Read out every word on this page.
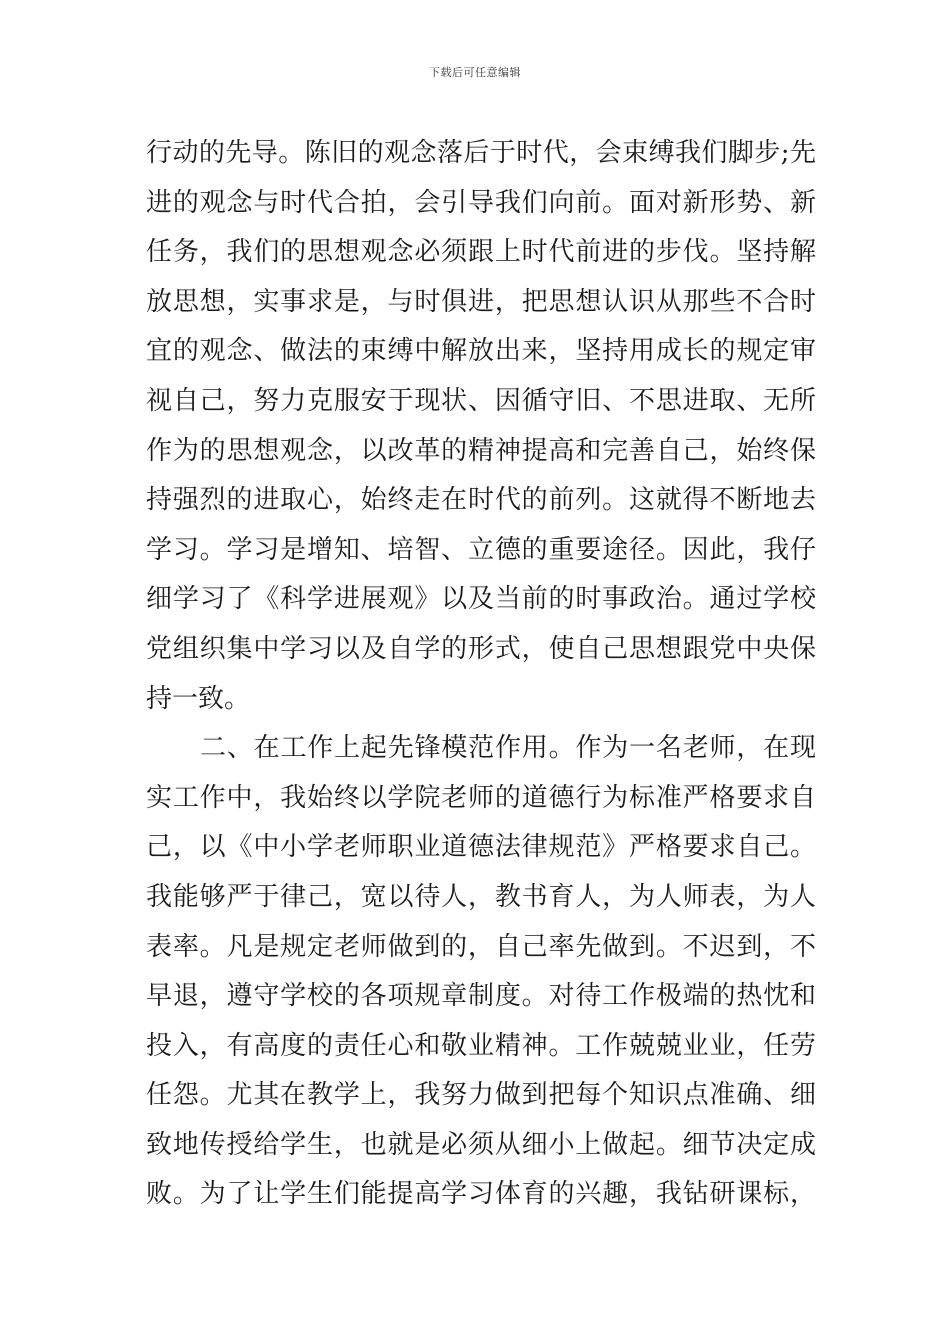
下载后可任意编辑
行动的先导。陈旧的观念落后于时代，会束缚我们脚步;先
进的观念与时代合拍，会引导我们向前。面对新形势、新
任务，我们的思想观念必须跟上时代前进的步伐。坚持解
放思想，实事求是，与时俱进，把思想认识从那些不合时
宜的观念、做法的束缚中解放出来，坚持用成长的规定审
视自己，努力克服安于现状、因循守旧、不思进取、无所
作为的思想观念，以改革的精神提高和完善自己，始终保
持强烈的进取心，始终走在时代的前列。这就得不断地去
学习。学习是增知、培智、立德的重要途径。因此，我仔
细学习了《科学进展观》以及当前的时事政治。通过学校
党组织集中学习以及自学的形式，使自己思想跟党中央保
持一致。
二、在工作上起先锋模范作用。作为一名老师，在现
实工作中，我始终以学院老师的道德行为标准严格要求自
己，以《中小学老师职业道德法律规范》严格要求自己。
我能够严于律己，宽以待人，教书育人，为人师表，为人
表率。凡是规定老师做到的，自己率先做到。不迟到，不
早退，遵守学校的各项规章制度。对待工作极端的热忱和
投入，有高度的责任心和敬业精神。工作兢兢业业，任劳
任怨。尤其在教学上，我努力做到把每个知识点准确、细
致地传授给学生，也就是必须从细小上做起。细节决定成
败。为了让学生们能提高学习体育的兴趣，我钻研课标，
